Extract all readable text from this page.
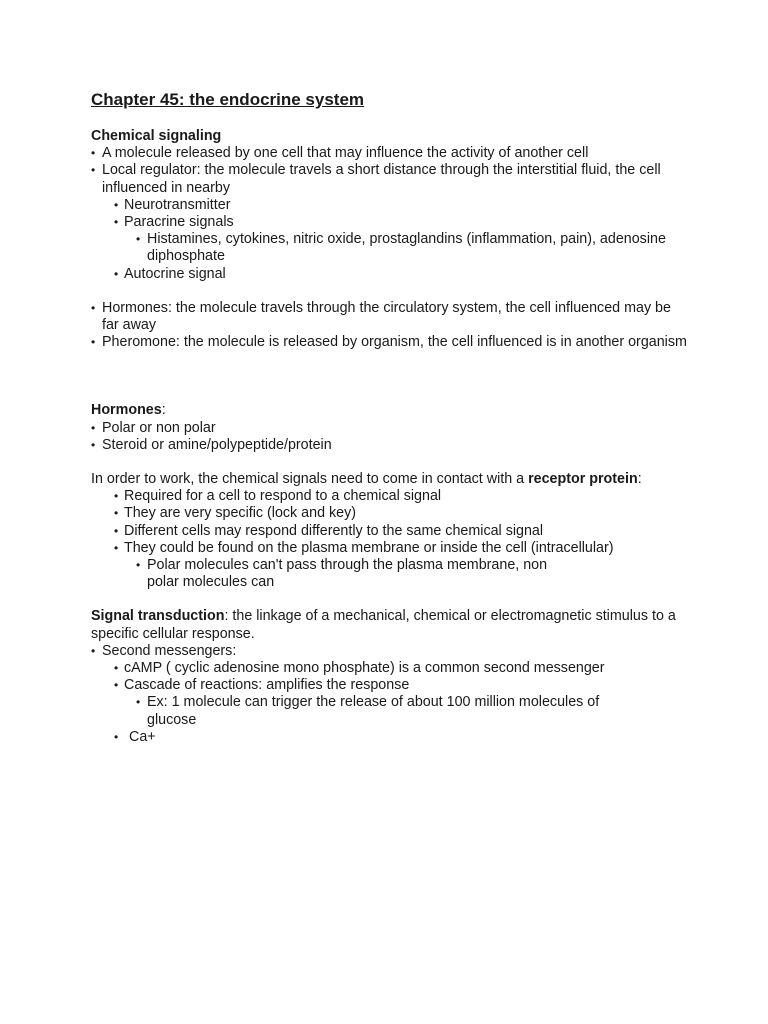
Chapter 45: the endocrine system
Chemical signaling
• A molecule released by one cell that may influence the activity of another cell
• Local regulator: the molecule travels a short distance through the interstitial fluid, the cell influenced in nearby
• Neurotransmitter
• Paracrine signals
• Histamines, cytokines, nitric oxide, prostaglandins (inflammation, pain), adenosine diphosphate
• Autocrine signal
• Hormones: the molecule travels through the circulatory system, the cell influenced may be far away
• Pheromone: the molecule is released by organism, the cell influenced is in another organism
Hormones:
• Polar or non polar
• Steroid or amine/polypeptide/protein
In order to work, the chemical signals need to come in contact with a receptor protein:
• Required for a cell to respond to a chemical signal
• They are very specific (lock and key)
• Different cells may respond differently to the same chemical signal
• They could be found on the plasma membrane or inside the cell (intracellular)
• Polar molecules can't pass through the plasma membrane, non polar molecules can
Signal transduction: the linkage of a mechanical, chemical or electromagnetic stimulus to a specific cellular response.
• Second messengers:
• cAMP ( cyclic adenosine mono phosphate) is a common second messenger
• Cascade of reactions: amplifies the response
• Ex: 1 molecule can trigger the release of about 100 million molecules of glucose
• Ca+
